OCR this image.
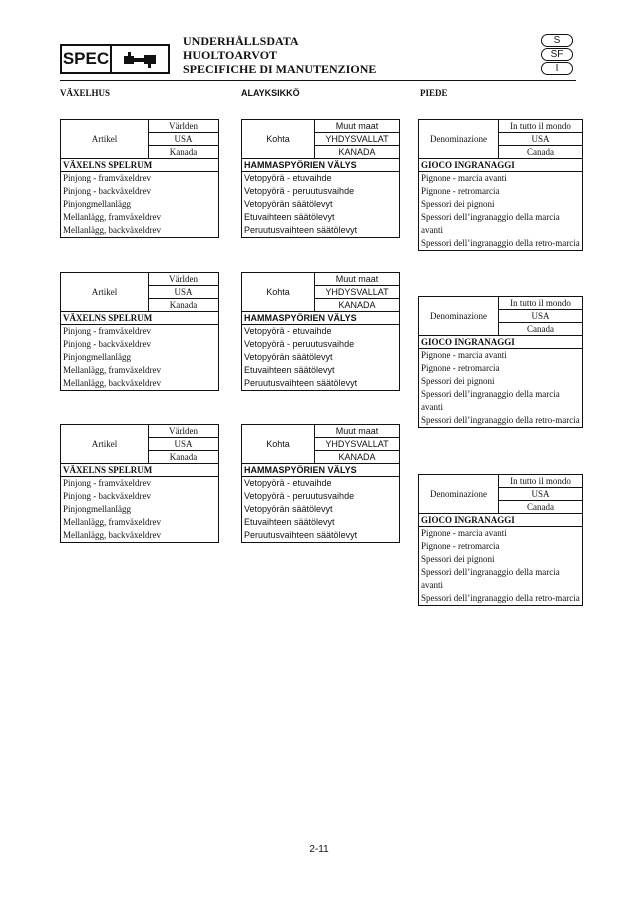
SPEC
UNDERHÅLLSDATA
HUOLTOARVOT
SPECIFICHE DI MANUTENZIONE
S
SF
I
VÄXELHUS	ALAYKSIKKÖ	PIEDE
Artikel	Världen
USA
Kanada
VÄXELNS SPELRUM
Pinjong - framväxeldrev
Pinjong - backväxeldrev
Pinjongmellanlägg
Mellanlägg, framväxeldrev
Mellanlägg, backväxeldrev
Artikel	Världen
USA
Kanada
VÄXELNS SPELRUM
Pinjong - framväxeldrev
Pinjong - backväxeldrev
Pinjongmellanlägg
Mellanlägg, framväxeldrev
Mellanlägg, backväxeldrev
Artikel	Världen
USA
Kanada
VÄXELNS SPELRUM
Pinjong - framväxeldrev
Pinjong - backväxeldrev
Pinjongmellanlägg
Mellanlägg, framväxeldrev
Mellanlägg, backväxeldrev
Kohta	Muut maat
YHDYSVALLAT
KANADA
HAMMASPYÖRIEN VÄLYS
Vetopyörä - etuvaihde
Vetopyörä - peruutusvaihde
Vetopyörän säätölevyt
Etuvaihteen säätölevyt
Peruutusvaihteen säätölevyt
Kohta	Muut maat
YHDYSVALLAT
KANADA
HAMMASPYÖRIEN VÄLYS
Vetopyörä - etuvaihde
Vetopyörä - peruutusvaihde
Vetopyörän säätölevyt
Etuvaihteen säätölevyt
Peruutusvaihteen säätölevyt
Kohta	Muut maat
YHDYSVALLAT
KANADA
HAMMASPYÖRIEN VÄLYS
Vetopyörä - etuvaihde
Vetopyörä - peruutusvaihde
Vetopyörän säätölevyt
Etuvaihteen säätölevyt
Peruutusvaihteen säätölevyt
Denominazione	In tutto il mondo
USA
Canada
GIOCO INGRANAGGI
Pignone - marcia avanti
Pignone - retromarcia
Spessori dei pignoni
Spessori dell’ingranaggio della marcia avanti
Spessori dell’ingranaggio della retro-marcia
Denominazione	In tutto il mondo
USA
Canada
GIOCO INGRANAGGI
Pignone - marcia avanti
Pignone - retromarcia
Spessori dei pignoni
Spessori dell’ingranaggio della marcia avanti
Spessori dell’ingranaggio della retro-marcia
Denominazione	In tutto il mondo
USA
Canada
GIOCO INGRANAGGI
Pignone - marcia avanti
Pignone - retromarcia
Spessori dei pignoni
Spessori dell’ingranaggio della marcia avanti
Spessori dell’ingranaggio della retro-marcia
2-11
